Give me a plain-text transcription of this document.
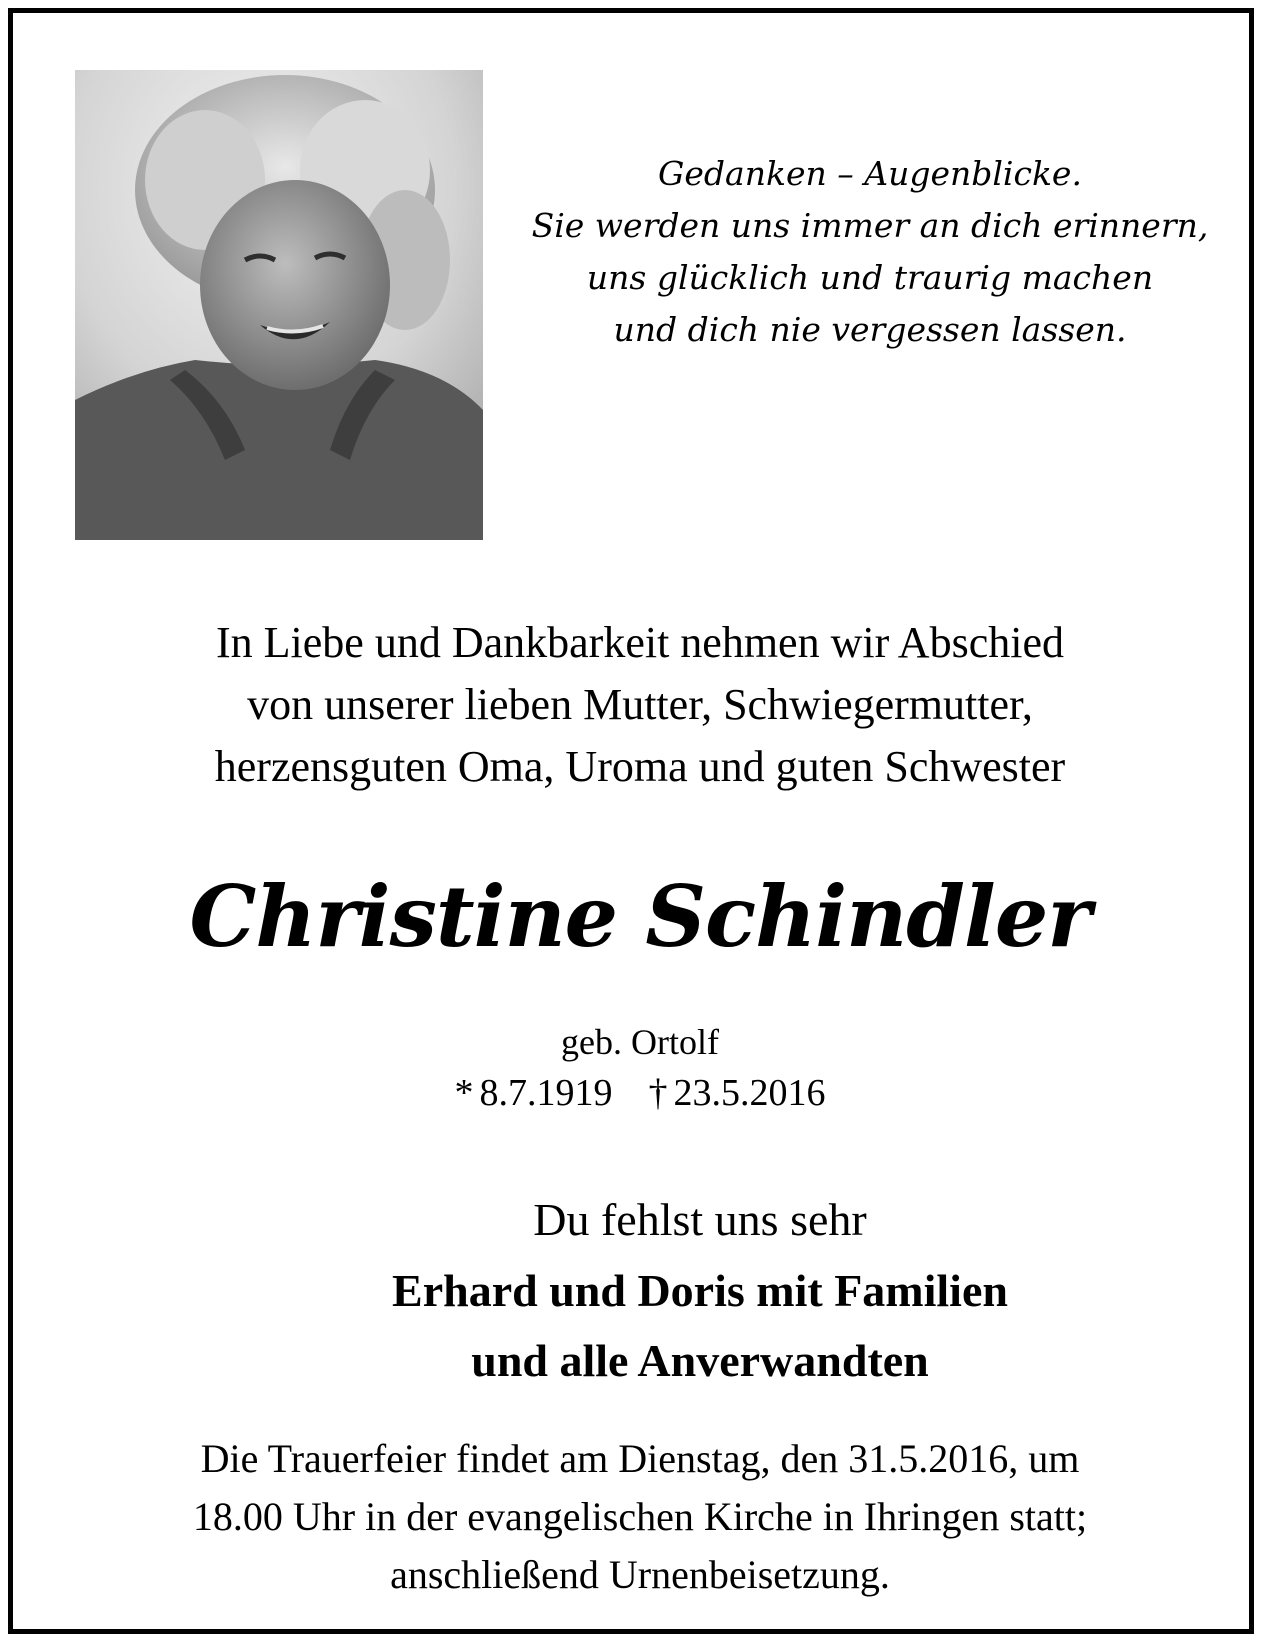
Gedanken – Augenblicke.
Sie werden uns immer an dich erinnern,
uns glücklich und traurig machen
und dich nie vergessen lassen.
In Liebe und Dankbarkeit nehmen wir Abschied
von unserer lieben Mutter, Schwiegermutter,
herzensguten Oma, Uroma und guten Schwester
Christine Schindler
geb. Ortolf
* 8.7.1919 † 23.5.2016
Du fehlst uns sehr
Erhard und Doris mit Familien
und alle Anverwandten
Die Trauerfeier findet am Dienstag, den 31.5.2016, um
18.00 Uhr in der evangelischen Kirche in Ihringen statt;
anschließend Urnenbeisetzung.
